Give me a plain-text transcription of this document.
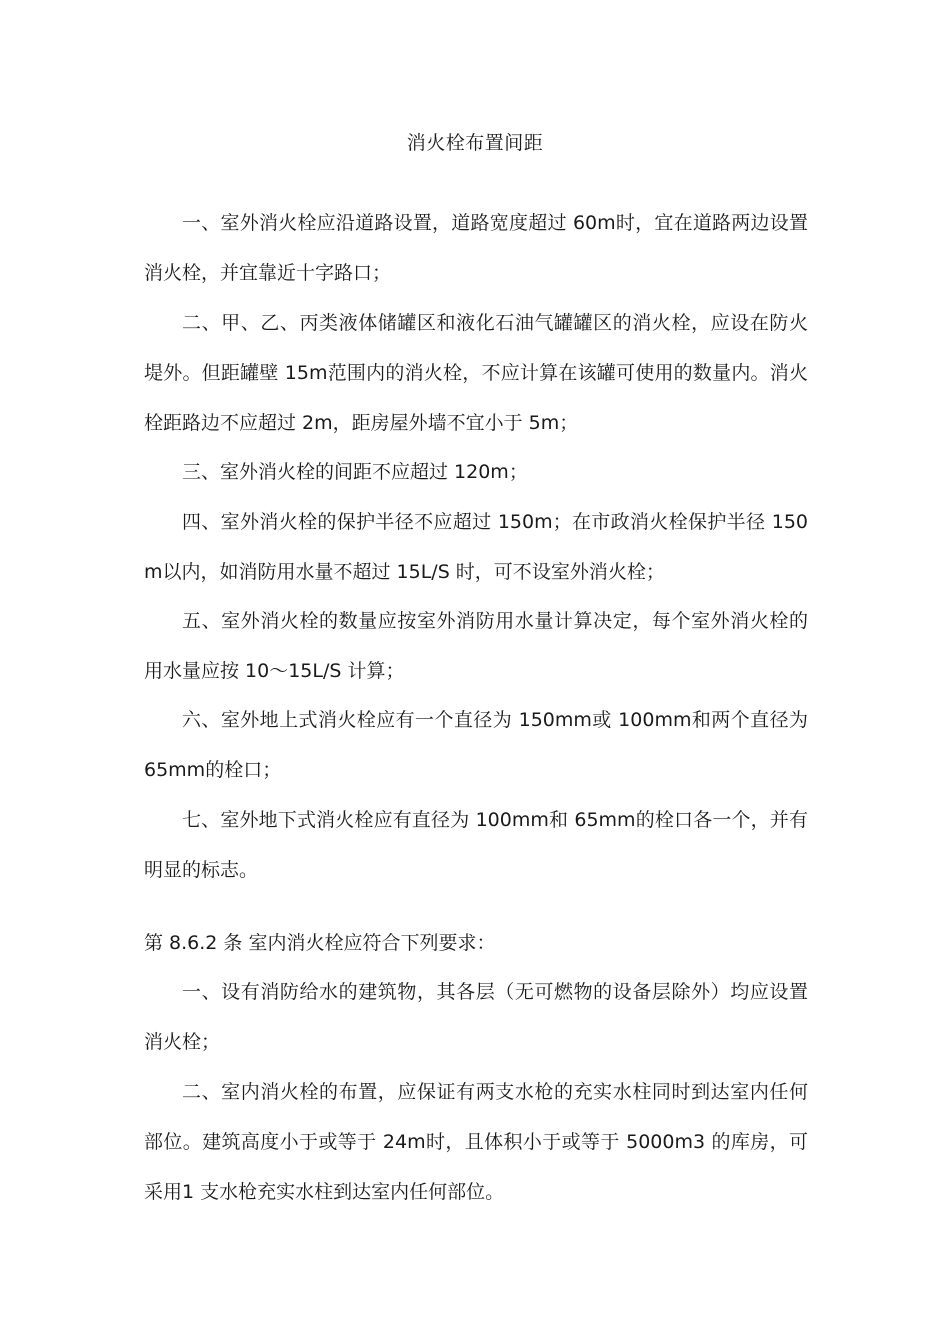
消火栓布置间距
一、室外消火栓应沿道路设置，道路宽度超过 60m时，宜在道路两边设置消火栓，并宜靠近十字路口；
二、甲、乙、丙类液体储罐区和液化石油气罐罐区的消火栓，应设在防火堤外。但距罐壁 15m范围内的消火栓，不应计算在该罐可使用的数量内。消火栓距路边不应超过 2m，距房屋外墙不宜小于 5m；
三、室外消火栓的间距不应超过 120m；
四、室外消火栓的保护半径不应超过 150m；在市政消火栓保护半径 150m以内，如消防用水量不超过 15L/S 时，可不设室外消火栓；
五、室外消火栓的数量应按室外消防用水量计算决定，每个室外消火栓的用水量应按 10～15L/S 计算；
六、室外地上式消火栓应有一个直径为 150mm或 100mm和两个直径为65mm的栓口；
七、室外地下式消火栓应有直径为 100mm和 65mm的栓口各一个，并有明显的标志。
第 8.6.2 条 室内消火栓应符合下列要求：
一、设有消防给水的建筑物，其各层（无可燃物的设备层除外）均应设置消火栓；
二、室内消火栓的布置，应保证有两支水枪的充实水柱同时到达室内任何部位。建筑高度小于或等于 24m时，且体积小于或等于 5000m3 的库房，可采用1 支水枪充实水柱到达室内任何部位。
